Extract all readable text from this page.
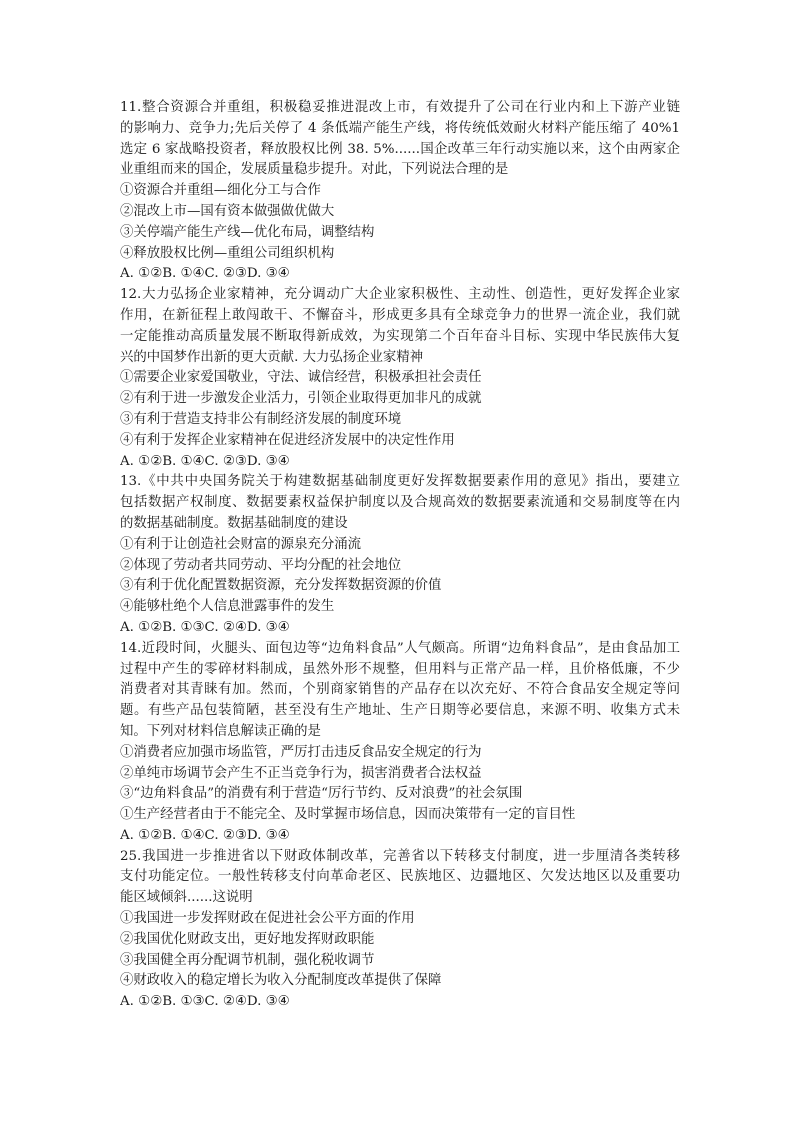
11.整合资源合并重组，积极稳妥推进混改上市，有效提升了公司在行业内和上下游产业链
的影响力、竞争力;先后关停了 4 条低端产能生产线，将传统低效耐火材料产能压缩了 40%1
选定 6 家战略投资者，释放股权比例 38. 5%......国企改革三年行动实施以来，这个由两家企
业重组而来的国企，发展质量稳步提升。对此，下列说法合理的是
①资源合并重组—细化分工与合作
②混改上市—国有资本做强做优做大
③关停端产能生产线—优化布局，调整结构
④释放股权比例—重组公司组织机构
A. ①②B. ①④C. ②③D. ③④
12.大力弘扬企业家精神，充分调动广大企业家积极性、主动性、创造性，更好发挥企业家
作用，在新征程上敢闯敢干、不懈奋斗，形成更多具有全球竞争力的世界一流企业，我们就
一定能推动高质量发展不断取得新成效，为实现第二个百年奋斗目标、实现中华民族伟大复
兴的中国梦作出新的更大贡献. 大力弘扬企业家精神
①需要企业家爱国敬业，守法、诚信经营，积极承担社会责任
②有利于进一步激发企业活力，引领企业取得更加非凡的成就
③有利于营造支持非公有制经济发展的制度环境
④有利于发挥企业家精神在促进经济发展中的决定性作用
A. ①②B. ①④C. ②③D. ③④
13.《中共中央国务院关于构建数据基础制度更好发挥数据要素作用的意见》指出，要建立
包括数据产权制度、数据要素权益保护制度以及合规高效的数据要素流通和交易制度等在内
的数据基础制度。数据基础制度的建设
①有利于让创造社会财富的源泉充分涌流
②体现了劳动者共同劳动、平均分配的社会地位
③有利于优化配置数据资源，充分发挥数据资源的价值
④能够杜绝个人信息泄露事件的发生
A. ①②B. ①③C. ②④D. ③④
14.近段时间，火腿头、面包边等“边角料食品”人气颇高。所谓“边角料食品”，是由食品加工
过程中产生的零碎材料制成，虽然外形不规整，但用料与正常产品一样，且价格低廉，不少
消费者对其青睐有加。然而，个别商家销售的产品存在以次充好、不符合食品安全规定等问
题。有些产品包装简陋，甚至没有生产地址、生产日期等必要信息，来源不明、收集方式未
知。下列对材料信息解读正确的是
①消费者应加强市场监管，严厉打击违反食品安全规定的行为
②单纯市场调节会产生不正当竞争行为，损害消费者合法权益
③“边角料食品”的消费有利于营造“厉行节约、反对浪费”的社会氛围
①生产经营者由于不能完全、及时掌握市场信息，因而决策带有一定的盲目性
A. ①②B. ①④C. ②③D. ③④
25.我国进一步推进省以下财政体制改革，完善省以下转移支付制度，进一步厘清各类转移
支付功能定位。一般性转移支付向革命老区、民族地区、边疆地区、欠发达地区以及重要功
能区域倾斜......这说明
①我国进一步发挥财政在促进社会公平方面的作用
②我国优化财政支出，更好地发挥财政职能
③我国健全再分配调节机制，强化税收调节
④财政收入的稳定增长为收入分配制度改革提供了保障
A. ①②B. ①③C. ②④D. ③④
